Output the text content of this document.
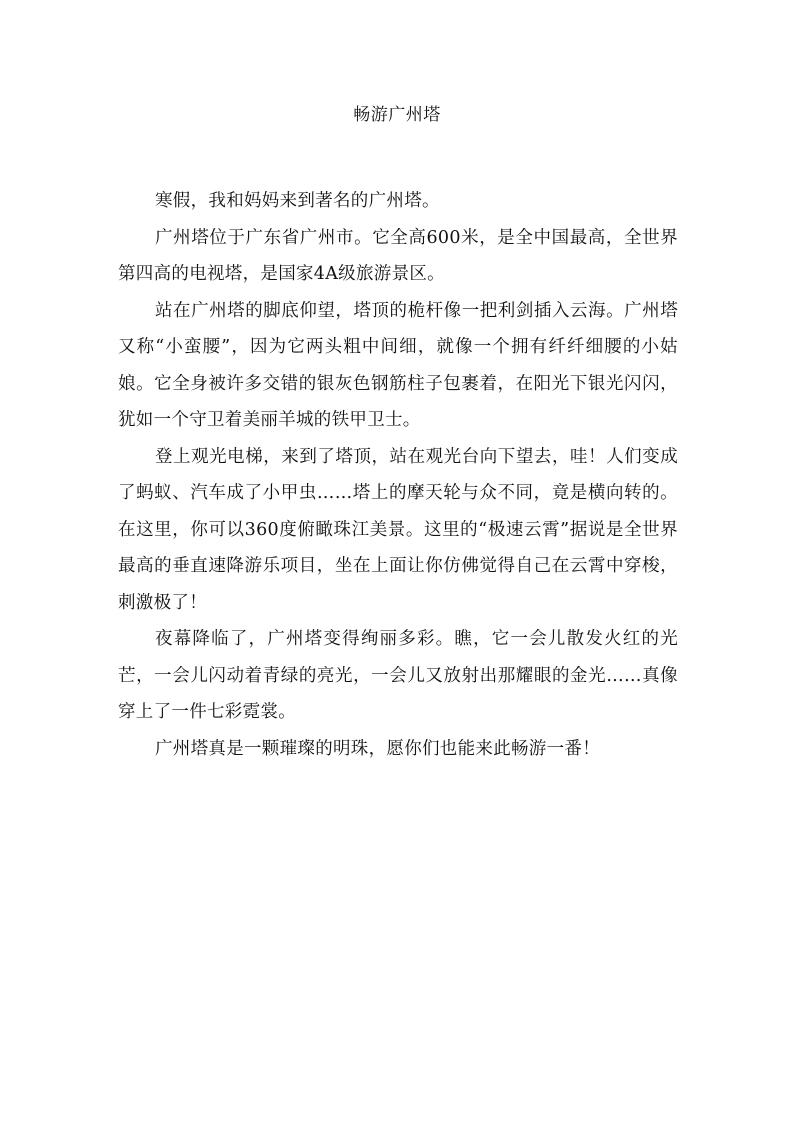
畅游广州塔

寒假，我和妈妈来到著名的广州塔。

广州塔位于广东省广州市。它全高600米，是全中国最高，全世界第四高的电视塔，是国家4A级旅游景区。

站在广州塔的脚底仰望，塔顶的桅杆像一把利剑插入云海。广州塔又称“小蛮腰”，因为它两头粗中间细，就像一个拥有纤纤细腰的小姑娘。它全身被许多交错的银灰色钢筋柱子包裹着，在阳光下银光闪闪，犹如一个守卫着美丽羊城的铁甲卫士。

登上观光电梯，来到了塔顶，站在观光台向下望去，哇！人们变成了蚂蚁、汽车成了小甲虫……塔上的摩天轮与众不同，竟是横向转的。在这里，你可以360度俯瞰珠江美景。这里的“极速云霄”据说是全世界最高的垂直速降游乐项目，坐在上面让你仿佛觉得自己在云霄中穿梭，刺激极了！

夜幕降临了，广州塔变得绚丽多彩。瞧，它一会儿散发火红的光芒，一会儿闪动着青绿的亮光，一会儿又放射出那耀眼的金光……真像穿上了一件七彩霓裳。

广州塔真是一颗璀璨的明珠，愿你们也能来此畅游一番！
